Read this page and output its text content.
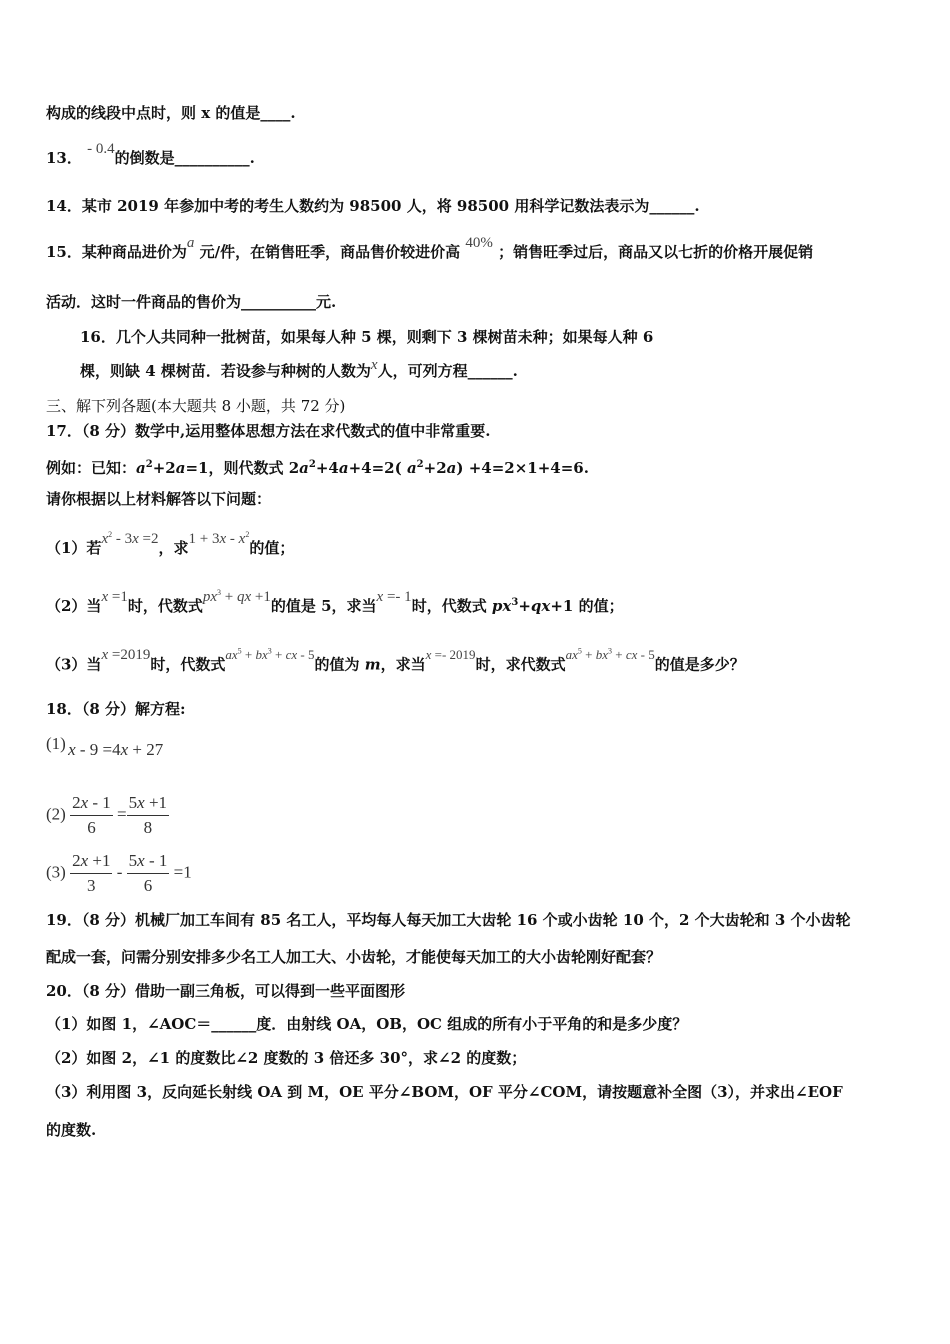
构成的线段中点时，则 x 的值是____.
13． - 0.4的倒数是__________.
14．某市 2019 年参加中考的考生人数约为 98500 人，将 98500 用科学记数法表示为______.
15．某种商品进价为a 元/件，在销售旺季，商品售价较进价高 40% ；销售旺季过后，商品又以七折的价格开展促销
活动．这时一件商品的售价为__________元.
16．几个人共同种一批树苗，如果每人种 5 棵，则剩下 3 棵树苗未种；如果每人种 6
棵，则缺 4 棵树苗．若设参与种树的人数为x人，可列方程______.
三、解下列各题(本大题共 8 小题，共 72 分)
17．（8 分）数学中,运用整体思想方法在求代数式的值中非常重要.
例如：已知：$a^2+2a=1$，则代数式 $2a^2+4a+4=2$( $a^2+2a) +4=2\times 1+4=6$.
请你根据以上材料解答以下问题：
（1）若$x^2 - 3x =2$，求$1 + 3x - x^2$的值；
（2）当x =1时，代数式$px^3$ + qx +1的值是 5，求当x =- 1时，代数式 $px^3+qx+1$ 的值；
（3）当x =2019时，代数式$ax^5 + bx^3$ + cx - 5的值为 m，求当x =- 2019时，求代数式$ax^5 + bx^3$ + cx - 5的值是多少？
18．（8 分）解方程:
(1) x - 9 =4x + 27
$(2) \frac{2x - 1}{6} = \frac{5x +1}{8}$
$(3) \frac{2x +1}{3} - \frac{5x - 1}{6} =1$
19．（8 分）机械厂加工车间有 85 名工人，平均每人每天加工大齿轮 16 个或小齿轮 10 个，2 个大齿轮和 3 个小齿轮
配成一套，问需分别安排多少名工人加工大、小齿轮，才能使每天加工的大小齿轮刚好配套？
20．（8 分）借助一副三角板，可以得到一些平面图形
（1）如图 1，∠AOC＝______度．由射线 OA，OB，OC 组成的所有小于平角的和是多少度？
（2）如图 2，∠1 的度数比∠2 度数的 3 倍还多 30°，求∠2 的度数；
（3）利用图 3，反向延长射线 OA 到 M，OE 平分∠BOM，OF 平分∠COM，请按题意补全图（3），并求出∠EOF
的度数.
